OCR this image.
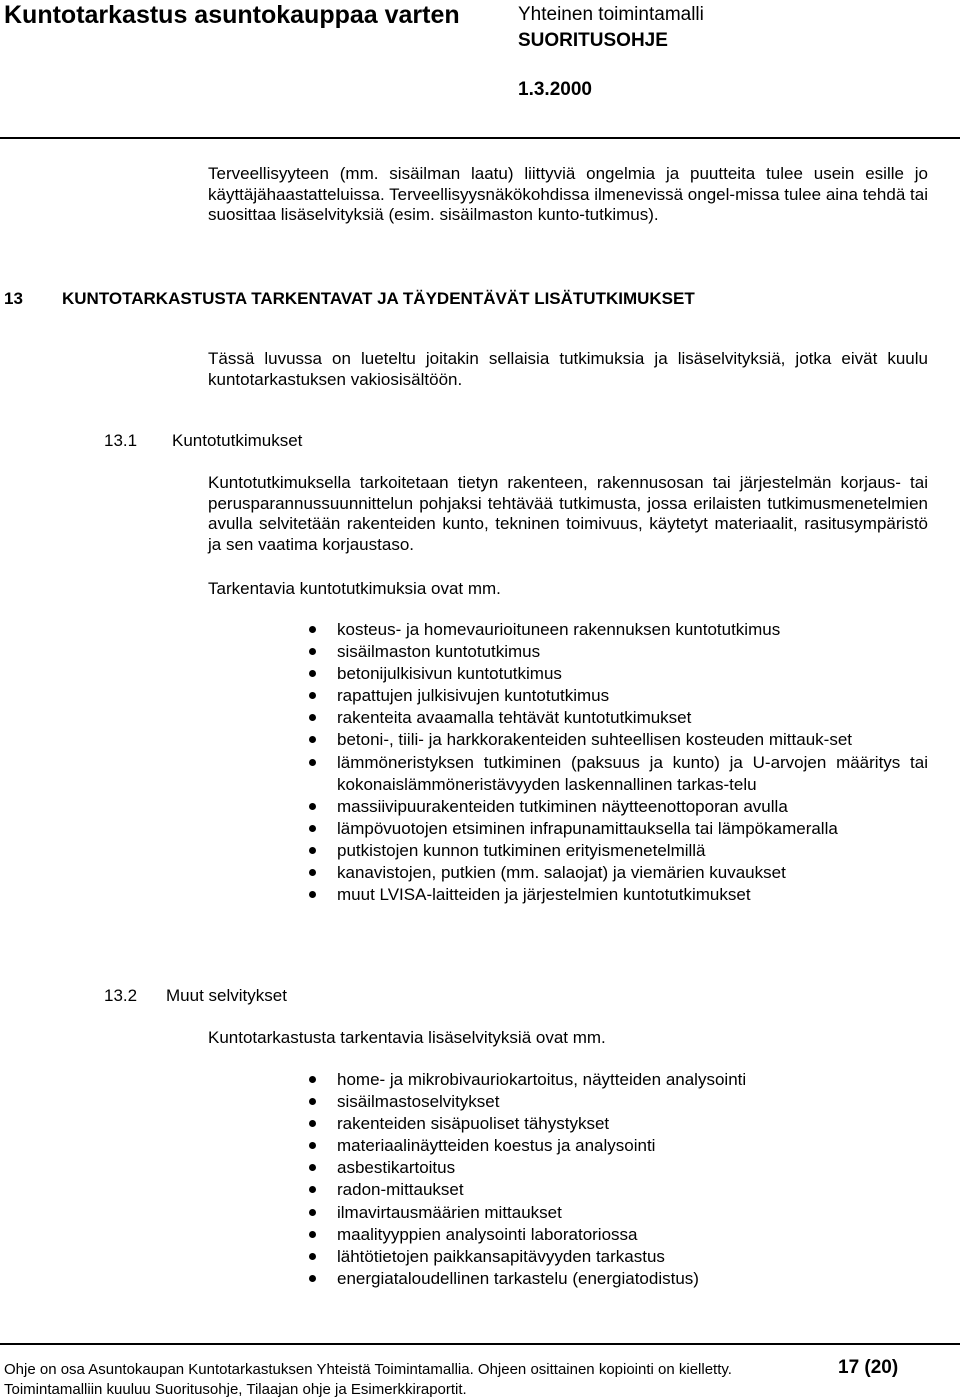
Kuntotarkastus asuntokauppaa varten	Yhteinen toimintamalli
SUORITUSOHJE
1.3.2000
Terveellisyyteen (mm. sisäilman laatu) liittyviä ongelmia ja puutteita tulee usein esille jo käyttäjähaastatteluissa. Terveellisyysnäkökohdissa ilmenevissä ongel-missa tulee aina tehdä tai suosittaa lisäselvityksiä (esim. sisäilmaston kunto-tutkimus).
13 KUNTOTARKASTUSTA TARKENTAVAT JA TÄYDENTÄVÄT LISÄTUTKIMUKSET
Tässä luvussa on lueteltu joitakin sellaisia tutkimuksia ja lisäselvityksiä, jotka eivät kuulu kuntotarkastuksen vakiosisältöön.
13.1 Kuntotutkimukset
Kuntotutkimuksella tarkoitetaan tietyn rakenteen, rakennusosan tai järjestelmän korjaus- tai perusparannussuunnittelun pohjaksi tehtävää tutkimusta, jossa erilaisten tutkimusmenetelmien avulla selvitetään rakenteiden kunto, tekninen toimivuus, käytetyt materiaalit, rasitusympäristö ja sen vaatima korjaustaso.
Tarkentavia kuntotutkimuksia ovat mm.
kosteus- ja homevaurioituneen rakennuksen kuntotutkimus
sisäilmaston kuntotutkimus
betonijulkisivun kuntotutkimus
rapattujen julkisivujen kuntotutkimus
rakenteita avaamalla tehtävät kuntotutkimukset
betoni-, tiili- ja harkkorakenteiden suhteellisen kosteuden mittauk-set
lämmöneristyksen tutkiminen (paksuus ja kunto) ja U-arvojen määritys tai kokonaislämmöneristävyyden laskennallinen tarkas-telu
massiivipuurakenteiden tutkiminen näytteenottoporan avulla
lämpövuotojen etsiminen infrapunamittauksella tai lämpökameralla
putkistojen kunnon tutkiminen erityismenetelmillä
kanavistojen, putkien (mm. salaojat) ja viemärien kuvaukset
muut LVISA-laitteiden ja järjestelmien kuntotutkimukset
13.2 Muut selvitykset
Kuntotarkastusta tarkentavia lisäselvityksiä ovat mm.
home- ja mikrobivauriokartoitus, näytteiden analysointi
sisäilmastoselvitykset
rakenteiden sisäpuoliset tähystykset
materiaalinäytteiden koestus ja analysointi
asbestikartoitus
radon-mittaukset
ilmavirtausmäärien mittaukset
maalityyppien analysointi laboratoriossa
lähtötietojen paikkansapitävyyden tarkastus
energiataloudellinen tarkastelu (energiatodistus)
Ohje on osa Asuntokaupan Kuntotarkastuksen Yhteistä Toimintamallia. Ohjeen osittainen kopiointi on kielletty.
Toimintamalliin kuuluu Suoritusohje, Tilaajan ohje ja Esimerkkiraportit.
17 (20)
